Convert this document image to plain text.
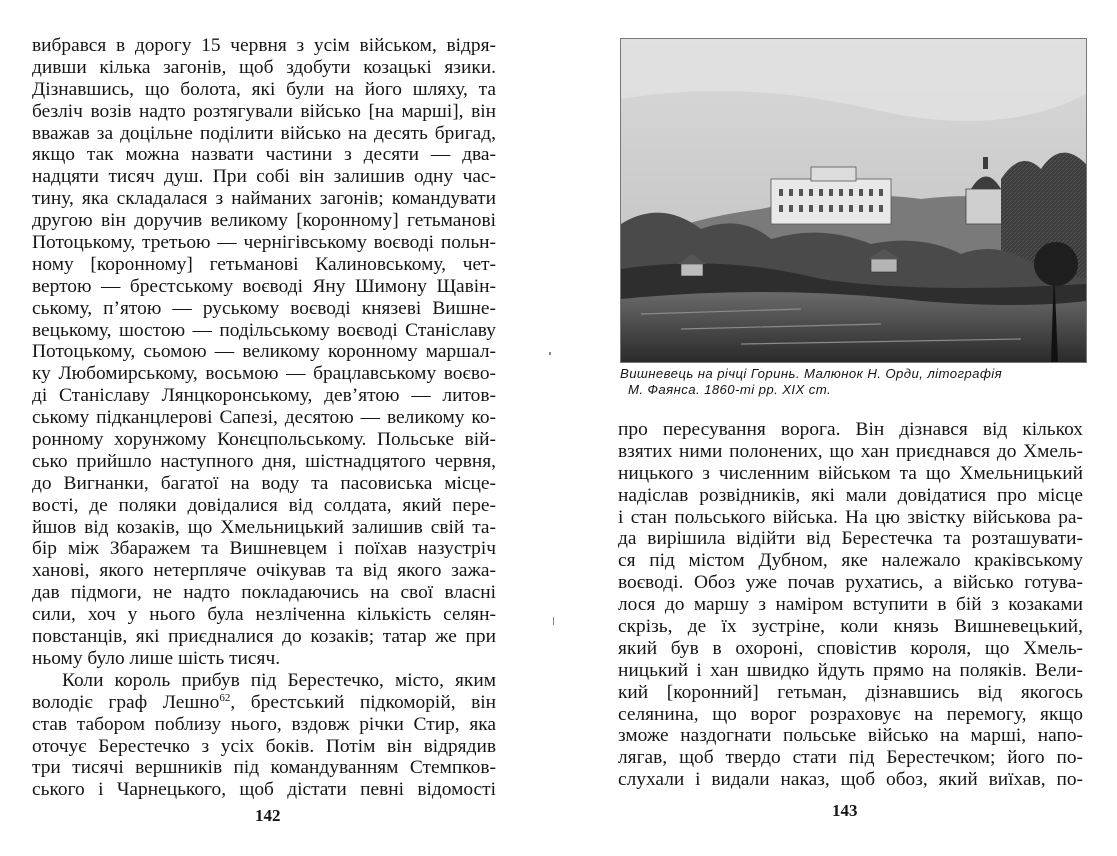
вибрався в дорогу 15 червня з усім військом, відря-
дивши кілька загонів, щоб здобути козацькі язики.
Дізнавшись, що болота, які були на його шляху, та
безліч возів надто розтягували військо [на марші], він
вважав за доцільне поділити військо на десять бригад,
якщо так можна назвати частини з десяти — два-
надцяти тисяч душ. При собі він залишив одну час-
тину, яка складалася з найманих загонів; командувати
другою він доручив великому [коронному] гетьманові
Потоцькому, третьою — чернігівському воєводі польн-
ному [коронному] гетьманові Калиновському, чет-
вертою — брестському воєводі Яну Шимону Щавін-
ському, п’ятою — руському воєводі князеві Вишне-
вецькому, шостою — подільському воєводі Станіславу
Потоцькому, сьомою — великому коронному маршал-
ку Любомирському, восьмою — брацлавському воєво-
ді Станіславу Лянцкоронському, дев’ятою — литов-
ському підканцлерові Сапезі, десятою — великому ко-
ронному хорунжому Конєцпольському. Польське вій-
сько прийшло наступного дня, шістнадцятого червня,
до Вигнанки, багатої на воду та пасовиська місце-
вості, де поляки довідалися від солдата, який пере-
йшов від козаків, що Хмельницький залишив свій та-
бір між Збаражем та Вишневцем і поїхав назустріч
ханові, якого нетерпляче очікував та від якого зажа-
дав підмоги, не надто покладаючись на свої власні
сили, хоч у нього була незліченна кількість селян-
повстанців, які приєдналися до козаків; татар же при
ньому було лише шість тисяч.
Коли король прибув під Берестечко, місто, яким
володіє граф Лешно$^{62}$, брестський підкоморій, він
став табором поблизу нього, вздовж річки Стир, яка
оточує Берестечко з усіх боків. Потім він відрядив
три тисячі вершників під командуванням Стемпков-
ського і Чарнецького, щоб дістати певні відомості
142
Вишневець на річці Горинь. Малюнок Н. Орди, літографія
М. Фаянса. 1860-ті рр. XIX ст.
про пересування ворога. Він дізнався від кількох
взятих ними полонених, що хан приєднався до Хмель-
ницького з численним військом та що Хмельницький
надіслав розвідників, які мали довідатися про місце
і стан польського війська. На цю звістку військова ра-
да вирішила відійти від Берестечка та розташувати-
ся під містом Дубном, яке належало краківському
воєводі. Обоз уже почав рухатись, а військо готува-
лося до маршу з наміром вступити в бій з козаками
скрізь, де їх зустріне, коли князь Вишневецький,
який був в охороні, сповістив короля, що Хмель-
ницький і хан швидко йдуть прямо на поляків. Вели-
кий [коронний] гетьман, дізнавшись від якогось
селянина, що ворог розраховує на перемогу, якщо
зможе наздогнати польське військо на марші, напо-
лягав, щоб твердо стати під Берестечком; його по-
слухали і видали наказ, щоб обоз, який виїхав, по-
143
